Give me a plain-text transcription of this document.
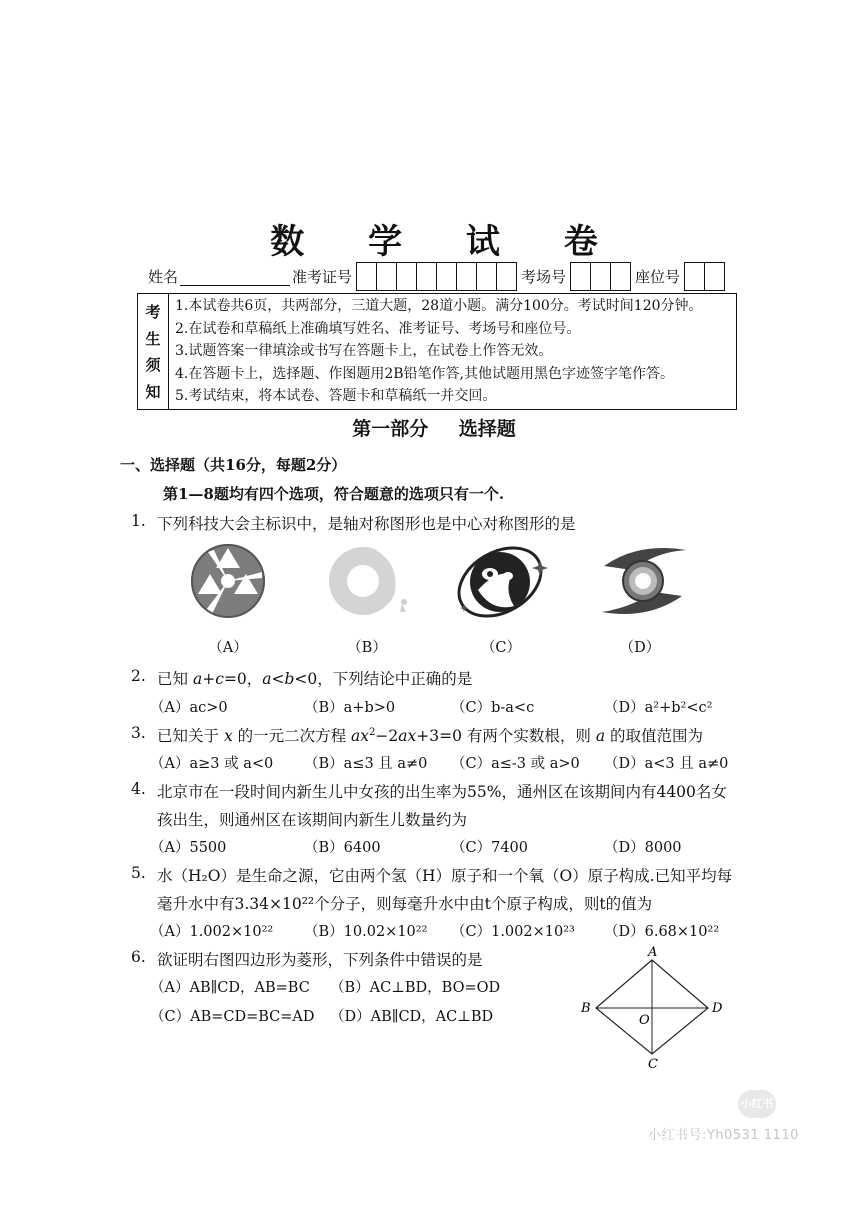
数 学 试 卷
姓名	准考证号	考场号	座位号
考
生
须
知
1.本试卷共6页，共两部分，三道大题，28道小题。满分100分。考试时间120分钟。
2.在试卷和草稿纸上准确填写姓名、准考证号、考场号和座位号。
3.试题答案一律填涂或书写在答题卡上，在试卷上作答无效。
4.在答题卡上，选择题、作图题用2B铅笔作答,其他试题用黑色字迹签字笔作答。
5.考试结束，将本试卷、答题卡和草稿纸一并交回。
第一部分 选择题
一、选择题（共16分，每题2分）
第1—8题均有四个选项，符合题意的选项只有一个.
1. 下列科技大会主标识中，是轴对称图形也是中心对称图形的是
（A）	（B）	（C）	（D）
2. 已知 a+c=0，a<b<0，下列结论中正确的是
（A）ac>0	（B）a+b>0	（C）b-a<c	（D）a²+b²<c²
3. 已知关于 x 的一元二次方程 $ax^2-2ax+3=0$ 有两个实数根，则 a 的取值范围为
（A）a≥3 或 a<0 （B）a≤3 且 a≠0 （C）a≤-3 或 a>0 （D）a<3 且 a≠0
4. 北京市在一段时间内新生儿中女孩的出生率为55%，通州区在该期间内有4400名女
孩出生，则通州区在该期间内新生儿数量约为
（A）5500	（B）6400	（C）7400	（D）8000
5. 水（H₂O）是生命之源，它由两个氢（H）原子和一个氧（O）原子构成.已知平均每
毫升水中有3.34×10²²个分子，则每毫升水中由t个原子构成，则t的值为
（A）1.002×10²² （B）10.02×10²² （C）1.002×10²³ （D）6.68×10²²
6. 欲证明右图四边形为菱形，下列条件中错误的是
（A）AB∥CD，AB=BC （B）AC⊥BD，BO=OD
（C）AB=CD=BC=AD （D）AB∥CD，AC⊥BD
A
B
C
D
O
小红书
小红书号:Yh0531 1110
